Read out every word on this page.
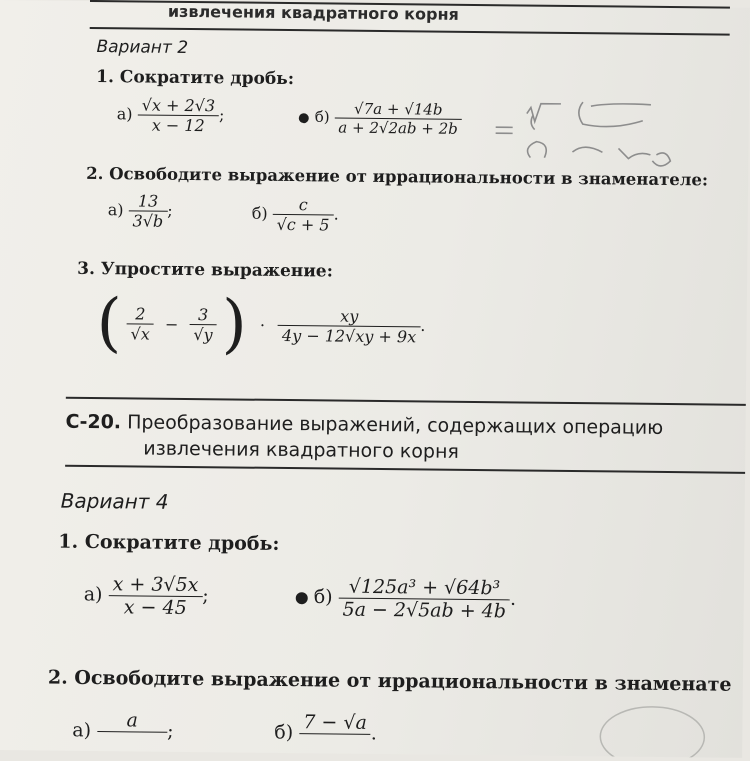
извлечения квадратного корня
Вариант 2
1. Сократите дробь:
$а) \frac{√x + 2√3}{x - 12}$ ;	$б) \frac{√7a + √14b}{a + 2√2ab + 2b}$
2. Освободите выражение от иррациональности в знаменателе:
$а) \frac{13}{3√b}$ ;	$б) \frac{c}{√c + 5}$ .
3. Упростите выражение:
( $\frac{2}{√x} - \frac{3}{√y}$ ) · $\frac{xy}{4y - 12√xy + 9x}$ .
С-20. Преобразование выражений, содержащих операцию
извлечения квадратного корня
Вариант 4
1. Сократите дробь:
$а) \frac{x + 3√5x}{x - 45}$ ;	$б) \frac{\text{√125a³ + √64b³}}{5a - 2√5ab + 4b}$ .
2. Освободите выражение от иррациональности в знаменате
а)	a
	;	б) 7 − √a
.
